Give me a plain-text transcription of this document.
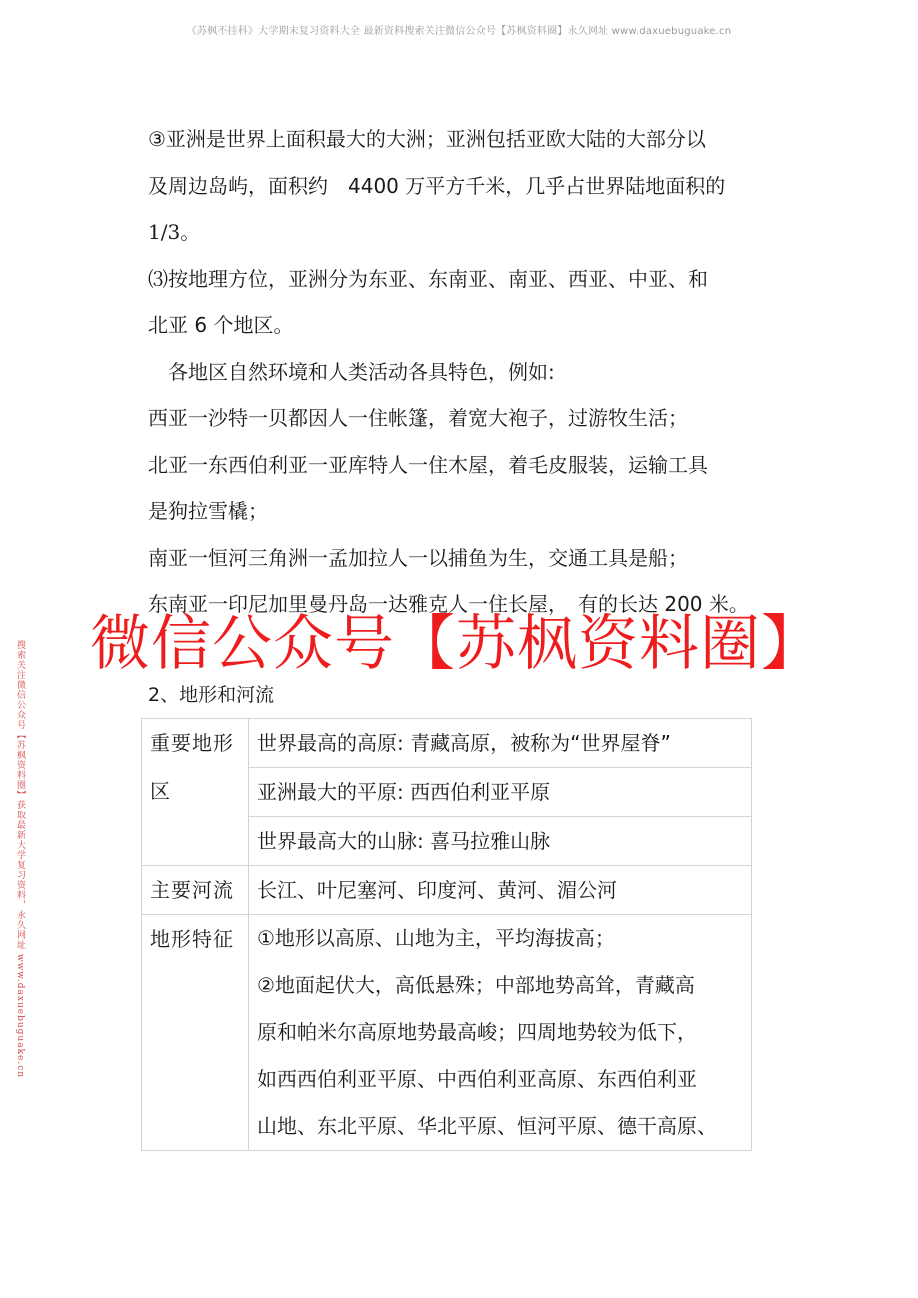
《苏枫不挂科》大学期末复习资料大全 最新资料搜索关注微信公众号【苏枫资料圈】永久网址 www.daxuebuguake.cn
搜索关注微信公众号【苏枫资料圈】获取最新大学复习资料，永久网址 www.daxuebuguake.cn
③亚洲是世界上面积最大的大洲；亚洲包括亚欧大陆的大部分以
及周边岛屿，面积约　4400 万平方千米，几乎占世界陆地面积的
1/3。
⑶按地理方位，亚洲分为东亚、东南亚、南亚、西亚、中亚、和
北亚 6 个地区。
　各地区自然环境和人类活动各具特色，例如:
西亚一沙特一贝都因人一住帐篷，着宽大袍子，过游牧生活；
北亚一东西伯利亚一亚库特人一住木屋，着毛皮服装，运输工具
是狗拉雪橇；
南亚一恒河三角洲一孟加拉人一以捕鱼为生，交通工具是船；
东南亚一印尼加里曼丹岛一达雅克人一住长屋，　有的长达 200 米。
微信公众号【苏枫资料圈】
2、地形和河流
重要地形区	世界最高的高原: 青藏高原，被称为“世界屋脊”
	亚洲最大的平原: 西西伯利亚平原
	世界最高大的山脉: 喜马拉雅山脉
主要河流	长江、叶尼塞河、印度河、黄河、湄公河
地形特征	①地形以高原、山地为主，平均海拔高；
②地面起伏大，高低悬殊；中部地势高耸，青藏高
原和帕米尔高原地势最高峻；四周地势较为低下，
如西西伯利亚平原、中西伯利亚高原、东西伯利亚
山地、东北平原、华北平原、恒河平原、德干高原、
